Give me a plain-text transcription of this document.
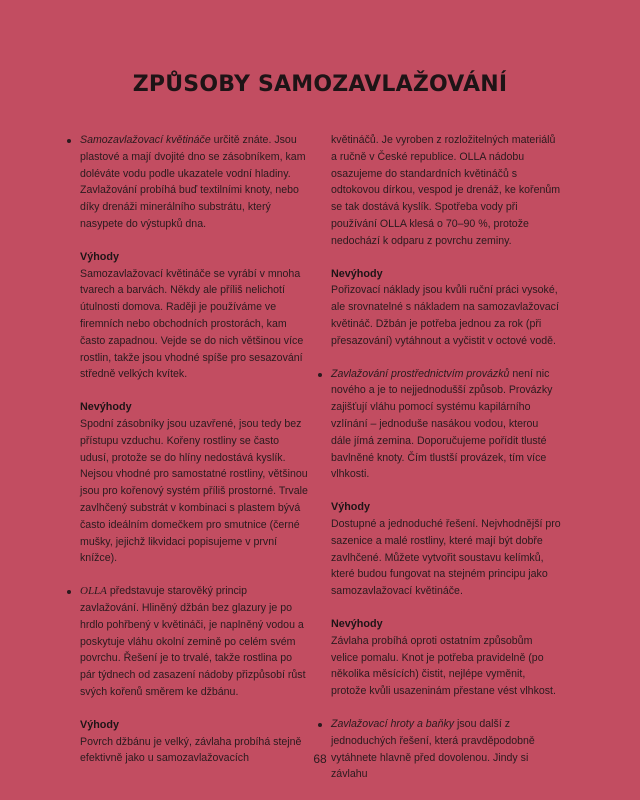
ZPŮSOBY SAMOZAVLAŽOVÁNÍ

Samozavlažovací květináče určitě znáte. Jsou plastové a mají dvojité dno se zásobníkem, kam doléváte vodu podle ukazatele vodní hladiny. Zavlažování probíhá buď textilními knoty, nebo díky drenáži minerálního substrátu, který nasypete do výstupků dna.

Výhody

Samozavlažovací květináče se vyrábí v mnoha tvarech a barvách. Někdy ale příliš nelichotí útulnosti domova. Raději je používáme ve firemních nebo obchodních prostorách, kam často zapadnou. Vejde se do nich většinou více rostlin, takže jsou vhodné spíše pro sesazování středně velkých kvítek.

Nevýhody

Spodní zásobníky jsou uzavřené, jsou tedy bez přístupu vzduchu. Kořeny rostliny se často udusí, protože se do hlíny nedostává kyslík. Nejsou vhodné pro samostatné rostliny, většinou jsou pro kořenový systém příliš prostorné. Trvale zavlhčený substrát v kombinaci s plastem bývá často ideálním domečkem pro smutnice (černé mušky, jejichž likvidaci popisujeme v první knížce).

OLLA představuje starověký princip zavlažování. Hliněný džbán bez glazury je po hrdlo pohřbený v květináči, je naplněný vodou a poskytuje vláhu okolní zemině po celém svém povrchu. Řešení je to trvalé, takže rostlina po pár týdnech od zasazení nádoby přizpůsobí růst svých kořenů směrem ke džbánu.

Výhody

Povrch džbánu je velký, závlaha probíhá stejně efektivně jako u samozavlažovacích

květináčů. Je vyroben z rozložitelných materiálů a ručně v České republice. OLLA nádobu osazujeme do standardních květináčů s odtokovou dírkou, vespod je drenáž, ke kořenům se tak dostává kyslík. Spotřeba vody při používání OLLA klesá o 70–90 %, protože nedochází k odparu z povrchu zeminy.

Nevýhody

Pořizovací náklady jsou kvůli ruční práci vysoké, ale srovnatelné s nákladem na samozavlažovací květináč. Džbán je potřeba jednou za rok (při přesazování) vytáhnout a vyčistit v octové vodě.

Zavlažování prostřednictvím provázků není nic nového a je to nejjednodušší způsob. Provázky zajišťují vláhu pomocí systému kapilárního vzlínání – jednoduše nasákou vodou, kterou dále jímá zemina. Doporučujeme pořídit tlusté bavlněné knoty. Čím tlustší provázek, tím více vlhkosti.

Výhody

Dostupné a jednoduché řešení. Nejvhodnější pro sazenice a malé rostliny, které mají být dobře zavlhčené. Můžete vytvořit soustavu kelímků, které budou fungovat na stejném principu jako samozavlažovací květináče.

Nevýhody

Závlaha probíhá oproti ostatním způsobům velice pomalu. Knot je potřeba pravidelně (po několika měsících) čistit, nejlépe vyměnit, protože kvůli usazeninám přestane vést vlhkost.

Zavlažovací hroty a baňky jsou další z jednoduchých řešení, která pravděpodobně vytáhnete hlavně před dovolenou. Jindy si závlahu

68
